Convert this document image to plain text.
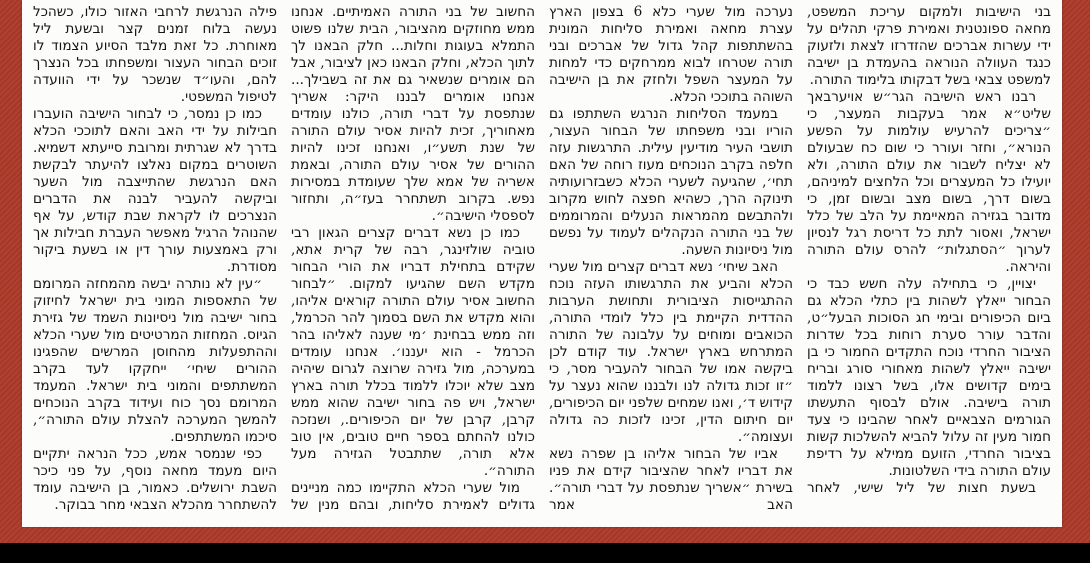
בני הישיבות ולמקום עריכת המשפט, מחאה ספונטנית ואמירת פרקי תהלים על ידי עשרות אברכים שהזדרזו לצאת ולזעוק כנגד העוולה הנוראה בהעמדת בן ישיבה למשפט צבאי בשל דבקותו בלימוד התורה.

רבנו ראש הישיבה הגר״ש אויערבאך שליט״א אמר בעקבות המעצר, כי ״צריכים להרעיש עולמות על הפשע הנורא״, וחזר ועורר כי שום כח שבעולם לא יצליח לשבור את עולם התורה, ולא יועילו כל המעצרים וכל הלחצים למיניהם, בשום דרך, בשום מצב ובשום זמן, כי מדובר בגזירה המאיימת על הלב של כלל ישראל, ואסור לתת כל דריסת רגל לנסיון לערוך ״הסתגלות״ להרס עולם התורה והיראה.

יצויין, כי בתחילה עלה חשש כבד כי הבחור ייאלץ לשהות בין כתלי הכלא גם ביום הכיפורים ובימי חג הסוכות הבעל״ט, והדבר עורר סערת רוחות בכל שדרות הציבור החרדי נוכח התקדים החמור כי בן ישיבה ייאלץ לשהות מאחורי סורג ובריח בימים קדושים אלו, בשל רצונו ללמוד תורה בישיבה. אולם לבסוף התעשתו הגורמים הצבאיים לאחר שהבינו כי צעד חמור מעין זה עלול להביא להשלכות קשות בציבור החרדי, הזועם ממילא על רדיפת עולם התורה בידי השלטונות.

בשעת חצות של ליל שישי, לאחר

נערכה מול שערי כלא 6 בצפון הארץ עצרת מחאה ואמירת סליחות המונית בהשתתפות קהל גדול של אברכים ובני תורה שטרחו לבוא ממרחקים כדי למחות על המעצר השפל ולחזק את בן הישיבה השוהה בתוככי הכלא.

במעמד הסליחות הנרגש השתתפו גם הוריו ובני משפחתו של הבחור העצור, תושבי העיר מודיעין עילית. התרגשות עזה חלפה בקרב הנוכחים מעוז רוחה של האם תחי׳, שהגיעה לשערי הכלא כשבזרועותיה תינוקה הרך, כשהיא חפצה לחוש מקרוב ולהתבשם מהמראות הנעלים והמרוממים של בני התורה הנקהלים לעמוד על נפשם מול ניסיונות השעה.

האב שיחי׳ נשא דברים קצרים מול שערי הכלא והביע את התרגשותו העזה נוכח ההתגייסות הציבורית ותחושת הערבות ההדדית הקיימת בין כלל לומדי התורה, הכואבים ומוחים על עלבונה של התורה המתרחש בארץ ישראל. עוד קודם לכן ביקשה אמו של הבחור להעביר מסר, כי ״זו זכות גדולה לנו ולבננו שהוא נעצר על קידוש ד׳, ואנו שמחים שלפני יום הכיפורים, יום חיתום הדין, זכינו לזכות כה גדולה ועצומה״.

אביו של הבחור אליהו בן שפרה נשא את דבריו לאחר שהציבור קידם את פניו בשירת ״אשריך שנתפסת על דברי תורה״. האב אמר

החשוב של בני התורה האמיתיים. אנחנו ממש מחוזקים מהציבור, הבית שלנו פשוט התמלא בעוגות וחלות... חלק הבאנו לך לתוך הכלא, וחלק הבאנו כאן לציבור, אבל הם אומרים שנשאיר גם את זה בשבילך... אנחנו אומרים לבננו היקר: אשריך שנתפסת על דברי תורה, כולנו עומדים מאחוריך, זכית להיות אסיר עולם התורה של שנת תשע״ו, ואנחנו זכינו להיות ההורים של אסיר עולם התורה, ובאמת אשריה של אמא שלך שעומדת במסירות נפש. בקרוב תשתחרר בעז״ה, ותחזור לספסלי הישיבה״.

כמו כן נשא דברים קצרים הגאון רבי טוביה שולזינגר, רבה של קרית אתא, שקידם בתחילת דבריו את הורי הבחור מקדש השם שהגיעו למקום. ״לבחור החשוב אסיר עולם התורה קוראים אליהו, והוא מקדש את השם בסמוך להר הכרמל, וזה ממש בבחינת ׳מי שענה לאליהו בהר הכרמל - הוא יעננו׳. אנחנו עומדים במערכה, מול גזירה שרוצה לגרום שיהיה מצב שלא יוכלו ללמוד בכלל תורה בארץ ישראל, ויש פה בחור ישיבה שהוא ממש קרבן, קרבן של יום הכיפורים., ושנזכה כולנו להחתם בספר חיים טובים, אין טוב אלא תורה, שתתבטל הגזירה מעל התורה״.

מול שערי הכלא התקיימו כמה מניינים גדולים לאמירת סליחות, ובהם מנין של

פילה הנרגשת לרחבי האזור כולו, כשהכל נעשה בלוח זמנים קצר ובשעת ליל מאוחרת. כל זאת מלבד הסיוע הצמוד לו זוכים הבחור העצור ומשפחתו בכל הנצרך להם, והעו״ד שנשכר על ידי הוועדה לטיפול המשפטי.

כמו כן נמסר, כי לבחור הישיבה הועברו חבילות על ידי האב והאם לתוככי הכלא בדרך לא שגרתית ומרובת סייעתא דשמיא. השוטרים במקום נאלצו להיעתר לבקשת האם הנרגשת שהתייצבה מול השער וביקשה להעביר לבנה את הדברים הנצרכים לו לקראת שבת קודש, על אף שהנוהל הרגיל מאפשר העברת חבילות אך ורק באמצעות עורך דין או בשעת ביקור מסודרת.

״עין לא נותרה יבשה מהמחזה המרומם של התאספות המוני בית ישראל לחיזוק בחור ישיבה מול ניסיונות השמד של גזירת הגיוס. המחזות המרטיטים מול שערי הכלא וההתפעלות מהחוסן המרשים שהפגינו ההורים שיחי׳ ייחקקו לעד בקרב המשתתפים והמוני בית ישראל. המעמד המרומם נסך כוח ועידוד בקרב הנוכחים להמשך המערכה להצלת עולם התורה״, סיכמו המשתתפים.

כפי שנמסר אמש, ככל הנראה יתקיים היום מעמד מחאה נוסף, על פני כיכר השבת ירושלים. כאמור, בן הישיבה עומד להשתחרר מהכלא הצבאי מחר בבוקר.
